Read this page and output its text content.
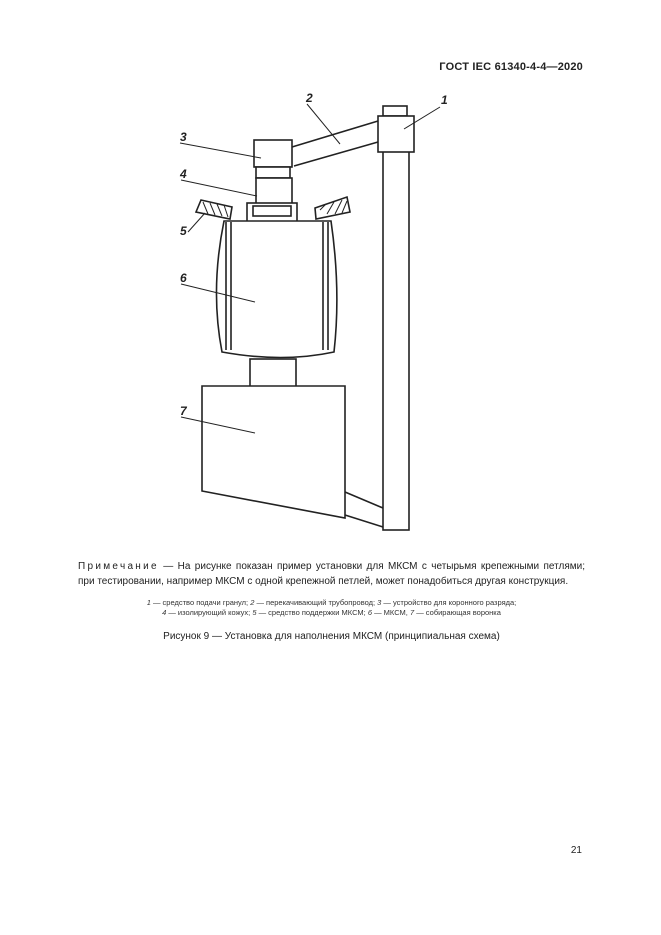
ГОСТ IEC 61340-4-4—2020
1
2
3
4
5
6
7
Примечание — На рисунке показан пример установки для МКСМ с четырьмя крепежными петлями; при тестировании, например МКСМ с одной крепежной петлей, может понадобиться другая конструкция.
1 — средство подачи гранул; 2 — перекачивающий трубопровод; 3 — устройство для коронного разряда;
4 — изолирующий кожух; 5 — средство поддержки МКСМ; 6 — МКСМ, 7 — собирающая воронка
Рисунок 9 — Установка для наполнения МКСМ (принципиальная схема)
21
